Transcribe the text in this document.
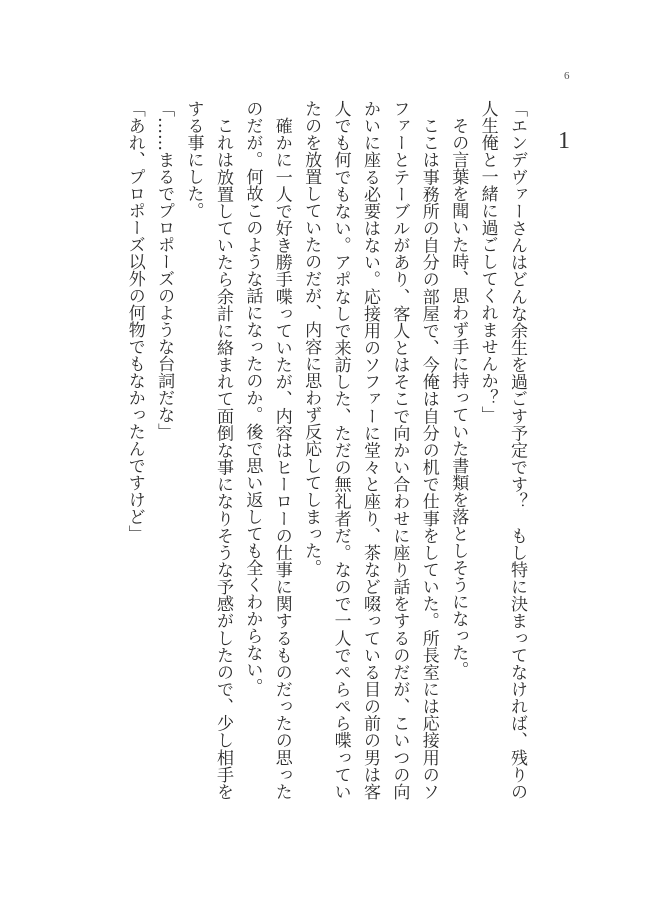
6
1

「エンデヴァーさんはどんな余生を過ごす予定です？　もし特に決まってなければ、残りの人生俺と一緒に過ごしてくれませんか？」

　その言葉を聞いた時、思わず手に持っていた書類を落としそうになった。

　ここは事務所の自分の部屋で、今俺は自分の机で仕事をしていた。所長室には応接用のソファーとテーブルがあり、客人とはそこで向かい合わせに座り話をするのだが、こいつの向かいに座る必要はない。応接用のソファーに堂々と座り、茶など啜っている目の前の男は客人でも何でもない。アポなしで来訪した、ただの無礼者だ。なので一人でぺらぺら喋っていたのを放置していたのだが、内容に思わず反応してしまった。

　確かに一人で好き勝手喋っていたが、内容はヒーローの仕事に関するものだったの思ったのだが。何故このような話になったのか。後で思い返しても全くわからない。

　これは放置していたら余計に絡まれて面倒な事になりそうな予感がしたので、少し相手をする事にした。

「……まるでプロポーズのような台詞だな」

「あれ、プロポーズ以外の何物でもなかったんですけど」
